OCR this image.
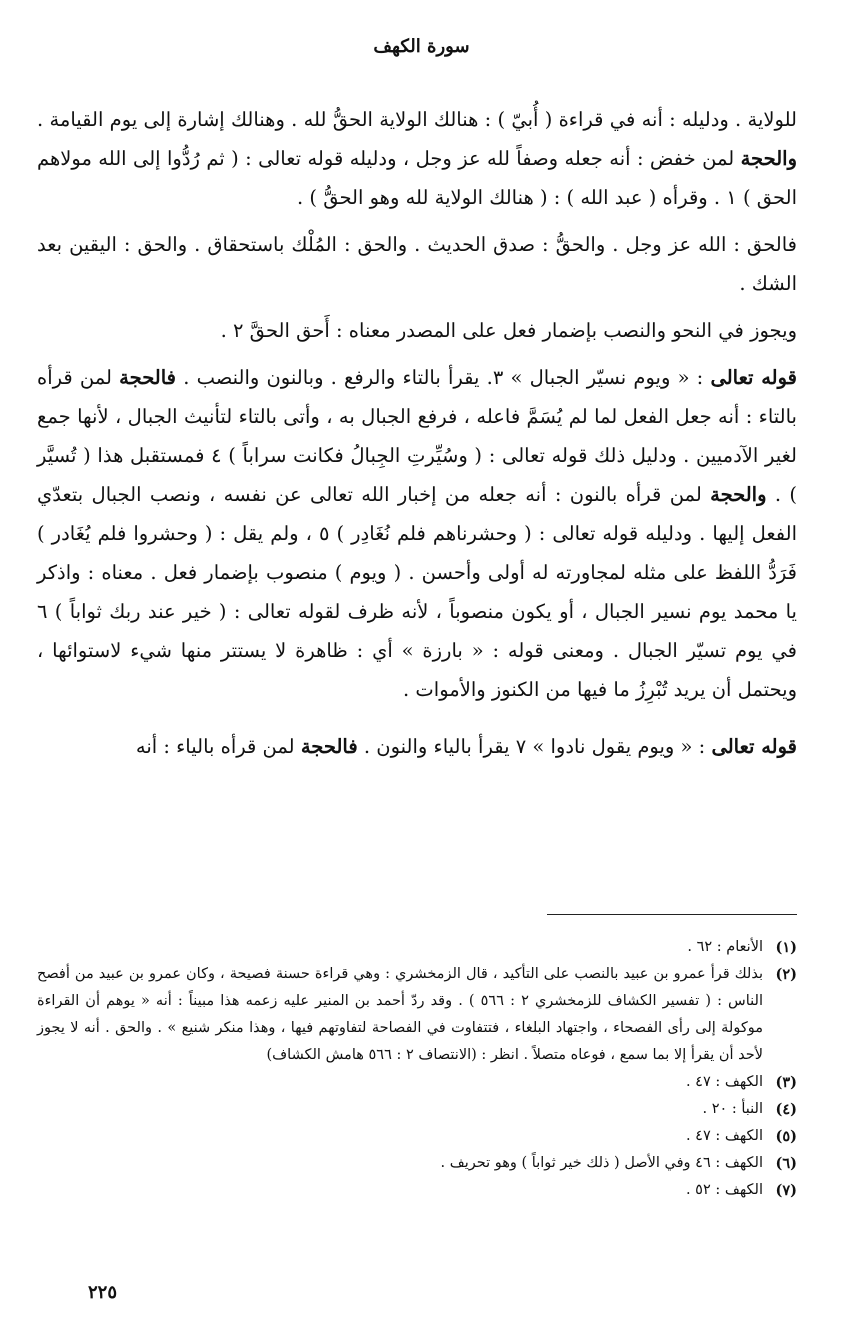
سورة الكهف

للولاية . ودليله : أنه في قراءة ( أُبيّ ) : هنالك الولاية الحقُّ لله . وهنالك إشارة إلى يوم القيامة . والحجة لمن خفض : أنه جعله وصفاً لله عز وجل ، ودليله قوله تعالى : ( ثم رُدُّوا إلى الله مولاهم الحق ) ١ . وقرأه ( عبد الله ) : ( هنالك الولاية لله وهو الحقُّ ) .

فالحق : الله عز وجل . والحقُّ : صدق الحديث . والحق : المُلْك باستحقاق . والحق : اليقين بعد الشك .

ويجوز في النحو والنصب بإضمار فعل على المصدر معناه : أَحق الحقَّ ٢ .

قوله تعالى : « ويوم نسيّر الجبال » ٣. يقرأ بالتاء والرفع . وبالنون والنصب . فالحجة لمن قرأه بالتاء : أنه جعل الفعل لما لم يُسَمَّ فاعله ، فرفع الجبال به ، وأتى بالتاء لتأنيث الجبال ، لأنها جمع لغير الآدميين . ودليل ذلك قوله تعالى : ( وسُيِّرتِ الجِبالُ فكانت سراباً ) ٤ فمستقبل هذا ( تُسيَّر ) . والحجة لمن قرأه بالنون : أنه جعله من إخبار الله تعالى عن نفسه ، ونصب الجبال بتعدّي الفعل إليها . ودليله قوله تعالى : ( وحشرناهم فلم نُغَادِر ) ٥ ، ولم يقل : ( وحشروا فلم يُغَادر ) فَرَدُّ اللفظ على مثله لمجاورته له أولى وأحسن . ( ويوم ) منصوب بإضمار فعل . معناه : واذكر يا محمد يوم نسير الجبال ، أو يكون منصوباً ، لأنه ظرف لقوله تعالى : ( خير عند ربك ثواباً ) ٦ في يوم تسيّر الجبال . ومعنى قوله : « بارزة » أي : ظاهرة لا يستتر منها شيء لاستوائها ، ويحتمل أن يريد تُبْرِزُ ما فيها من الكنوز والأموات .

قوله تعالى : « ويوم يقول نادوا » ٧ يقرأ بالياء والنون . فالحجة لمن قرأه بالياء : أنه

(١)
الأنعام : ٦٢ .
(٢)
بذلك قرأ عمرو بن عبيد بالنصب على التأكيد ، قال الزمخشري : وهي قراءة حسنة فصيحة ، وكان عمرو بن عبيد من أفصح الناس : ( تفسير الكشاف للزمخشري ٢ : ٥٦٦ ) . وقد ردّ أحمد بن المنير عليه زعمه هذا مبيناً : أنه « يوهم أن القراءة موكولة إلى رأى الفصحاء ، واجتهاد البلغاء ، فتتفاوت في الفصاحة لتفاوتهم فيها ، وهذا منكر شنيع » . والحق . أنه لا يجوز لأحد أن يقرأ إلا بما سمع ، فوعاه متصلاً . انظر : (الانتصاف ٢ : ٥٦٦ هامش الكشاف)
(٣)
الكهف : ٤٧ .
(٤)
النبأ : ٢٠ .
(٥)
الكهف : ٤٧ .
(٦)
الكهف : ٤٦ وفي الأصل ( ذلك خير ثواباً ) وهو تحريف .
(٧)
الكهف : ٥٢ .
٢٢٥
